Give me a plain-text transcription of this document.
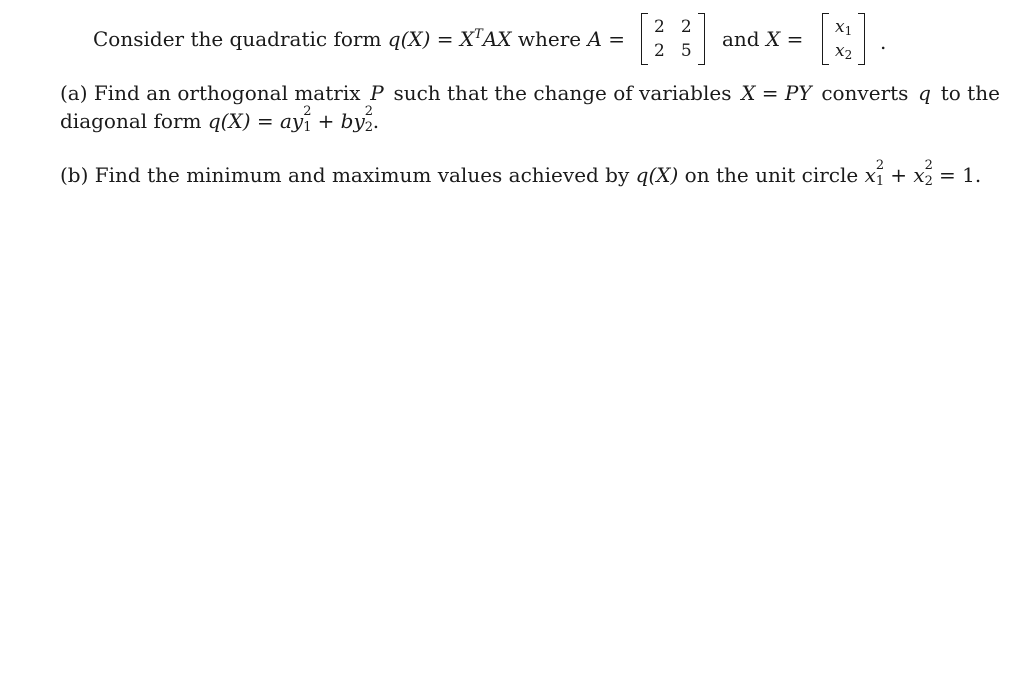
Consider the quadratic form $q(X) = X^TAX$ where A = 2 2
2 5 and $X = x_1$
$x_2$
.
(a) Find an orthogonal matrix P such that the change of variables X = PY converts q to the
diagonal form q(X) = ay 2
1 + by 2
2 .
(b) Find the minimum and maximum values achieved by q(X) on the unit circle x 2
1 + x 2
2 = 1.
